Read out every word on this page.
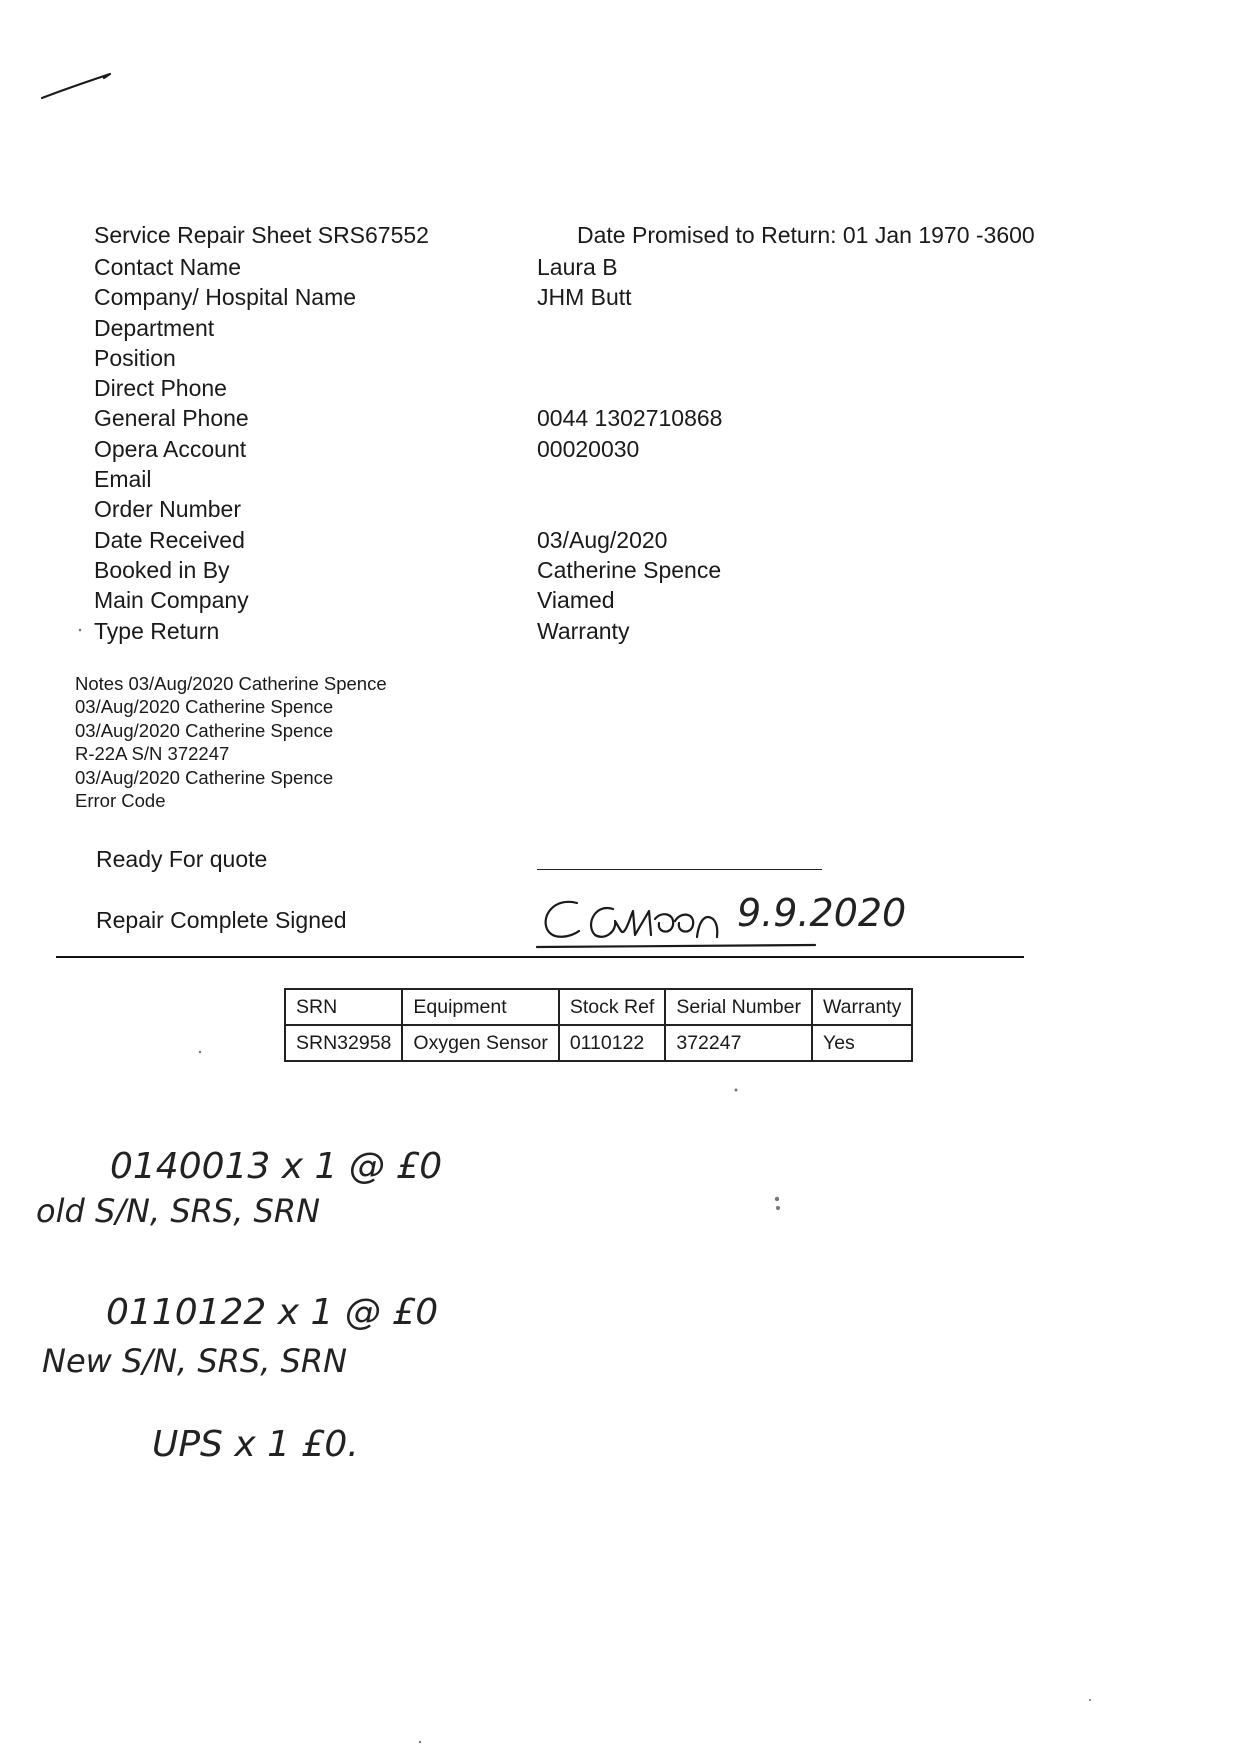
Service Repair Sheet SRS67552	Date Promised to Return: 01 Jan 1970 -3600
Contact Name	Laura B
Company/ Hospital Name	JHM Butt
Department
Position
Direct Phone
General Phone	0044 1302710868
Opera Account	00020030
Email
Order Number
Date Received	03/Aug/2020
Booked in By	Catherine Spence
Main Company	Viamed
Type Return	Warranty
Notes 03/Aug/2020 Catherine Spence
03/Aug/2020 Catherine Spence
03/Aug/2020 Catherine Spence
R-22A S/N 372247
03/Aug/2020 Catherine Spence
Error Code
Ready For quote
Repair Complete Signed	9.9.2020
SRN	Equipment	Stock Ref	Serial Number	Warranty
SRN32958	Oxygen Sensor	0110122	372247	Yes
0140013 x 1 @ £0
old S/N, SRS, SRN
0110122 x 1 @ £0
New S/N, SRS, SRN
UPS x 1 £0.
